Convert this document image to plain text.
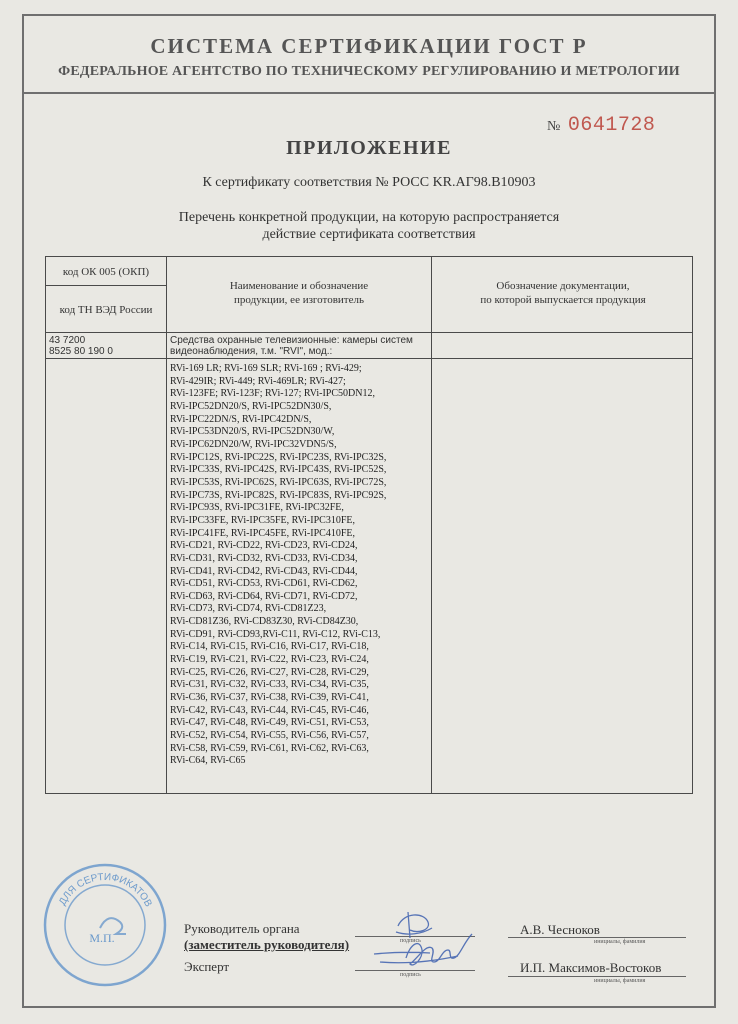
СИСТЕМА СЕРТИФИКАЦИИ ГОСТ Р
ФЕДЕРАЛЬНОЕ АГЕНТСТВО ПО ТЕХНИЧЕСКОМУ РЕГУЛИРОВАНИЮ И МЕТРОЛОГИИ
№ 0641728
ПРИЛОЖЕНИЕ
К сертификату соответствия № РОСС KR.АГ98.В10903
Перечень конкретной продукции, на которую распространяется
действие сертификата соответствия
код ОК 005 (ОКП)
код ТН ВЭД России
Наименование и обозначение
продукции, ее изготовитель
Обозначение документации,
по которой выпускается продукция
43 7200
8525 80 190 0
Средства охранные телевизионные: камеры систем
видеонаблюдения, т.м. "RVI", мод.:
RVi-169 LR; RVi-169 SLR; RVi-169 ; RVi-429;
RVi-429IR; RVi-449; RVi-469LR; RVi-427;
RVi-123FE; RVi-123F; RVi-127; RVi-IPC50DN12,
RVi-IPC52DN20/S, RVi-IPC52DN30/S,
RVi-IPC22DN/S, RVi-IPC42DN/S,
RVi-IPC53DN20/S, RVi-IPC52DN30/W,
RVi-IPC62DN20/W, RVi-IPC32VDN5/S,
RVi-IPC12S, RVi-IPC22S, RVi-IPC23S, RVi-IPC32S,
RVi-IPC33S, RVi-IPC42S, RVi-IPC43S, RVi-IPC52S,
RVi-IPC53S, RVi-IPC62S, RVi-IPC63S, RVi-IPC72S,
RVi-IPC73S, RVi-IPC82S, RVi-IPC83S, RVi-IPC92S,
RVi-IPC93S, RVi-IPC31FE, RVi-IPC32FE,
RVi-IPC33FE, RVi-IPC35FE, RVi-IPC310FE,
RVi-IPC41FE, RVi-IPC45FE, RVi-IPC410FE,
RVi-CD21, RVi-CD22, RVi-CD23, RVi-CD24,
RVi-CD31, RVi-CD32, RVi-CD33, RVi-CD34,
RVi-CD41, RVi-CD42, RVi-CD43, RVi-CD44,
RVi-CD51, RVi-CD53, RVi-CD61, RVi-CD62,
RVi-CD63, RVi-CD64, RVi-CD71, RVi-CD72,
RVi-CD73, RVi-CD74, RVi-CD81Z23,
RVi-CD81Z36, RVi-CD83Z30, RVi-CD84Z30,
RVi-CD91, RVi-CD93,RVi-C11, RVi-C12, RVi-C13,
RVi-C14, RVi-C15, RVi-C16, RVi-C17, RVi-C18,
RVi-C19, RVi-C21, RVi-C22, RVi-C23, RVi-C24,
RVi-C25, RVi-C26, RVi-C27, RVi-C28, RVi-C29,
RVi-C31, RVi-C32, RVi-C33, RVi-C34, RVi-C35,
RVi-C36, RVi-C37, RVi-C38, RVi-C39, RVi-C41,
RVi-C42, RVi-C43, RVi-C44, RVi-C45, RVi-C46,
RVi-C47, RVi-C48, RVi-C49, RVi-C51, RVi-C53,
RVi-C52, RVi-C54, RVi-C55, RVi-C56, RVi-C57,
RVi-C58, RVi-C59, RVi-C61, RVi-C62, RVi-C63,
RVi-C64, RVi-C65
ДЛЯ СЕРТИФИКАТОВ
М.П.
Руководитель органа
(заместитель руководителя)
Эксперт
подпись
подпись
А.В. Чесноков
инициалы, фамилия
И.П. Максимов-Востоков
инициалы, фамилия
